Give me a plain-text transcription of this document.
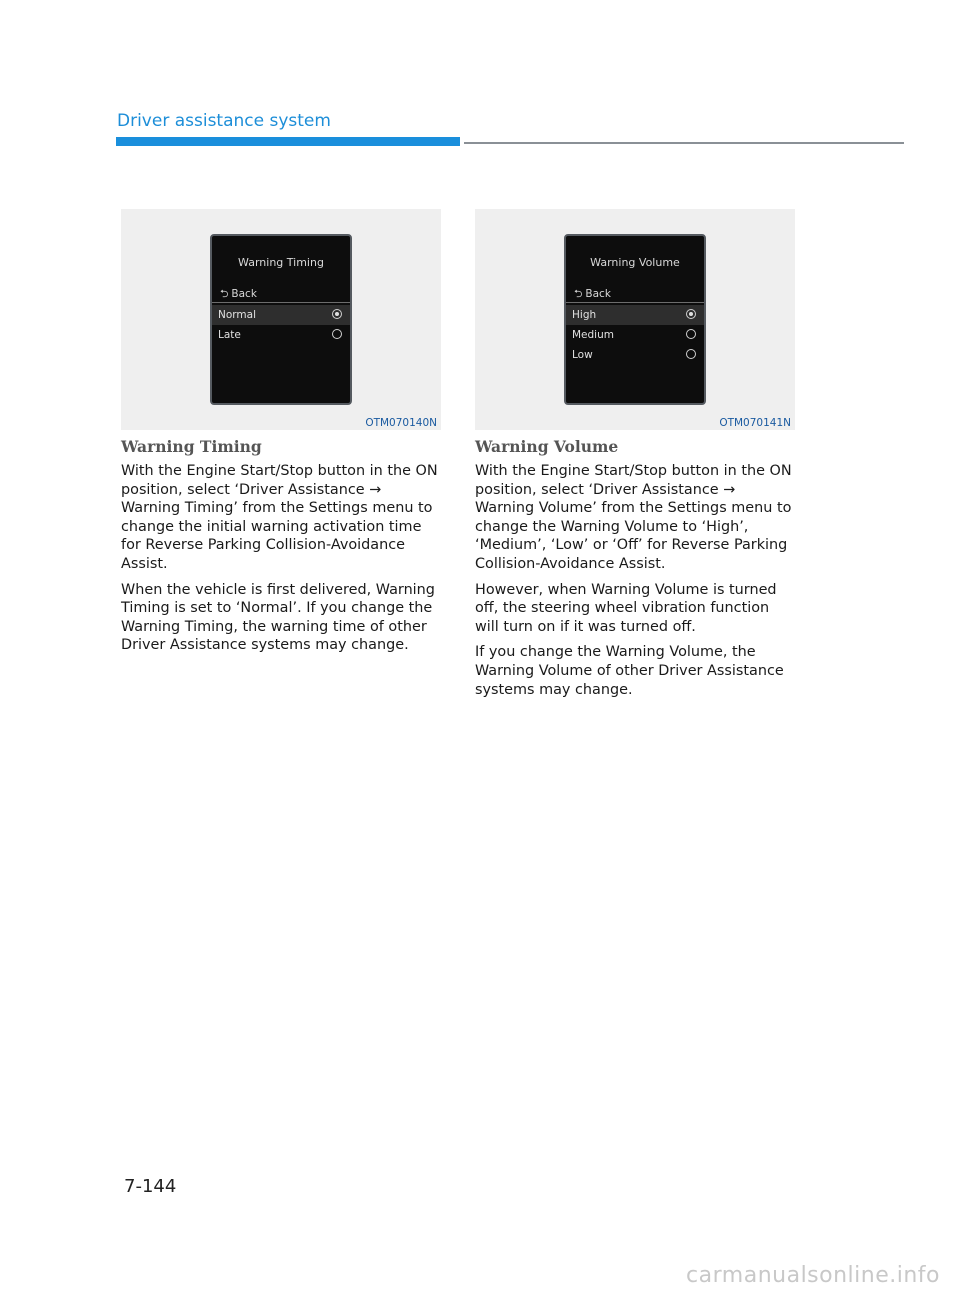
Driver assistance system
Warning Timing
⮌ Back
Normal
Late
OTM070140N
Warning Volume
⮌ Back
High
Medium
Low
OTM070141N
Warning Timing

With the Engine Start/Stop button in the ON position, select ‘Driver Assistance → Warning Timing’ from the Settings menu to change the initial warning activation time for Reverse Parking Collision-Avoidance Assist.

When the vehicle is first delivered, Warning Timing is set to ‘Normal’. If you change the Warning Timing, the warning time of other Driver Assistance systems may change.

Warning Volume

With the Engine Start/Stop button in the ON position, select ‘Driver Assistance → Warning Volume’ from the Settings menu to change the Warning Volume to ‘High’, ‘Medium’, ‘Low’ or ‘Off’ for Reverse Parking Collision-Avoidance Assist.

However, when Warning Volume is turned off, the steering wheel vibration function will turn on if it was turned off.

If you change the Warning Volume, the Warning Volume of other Driver Assistance systems may change.

7-144
carmanualsonline.info
